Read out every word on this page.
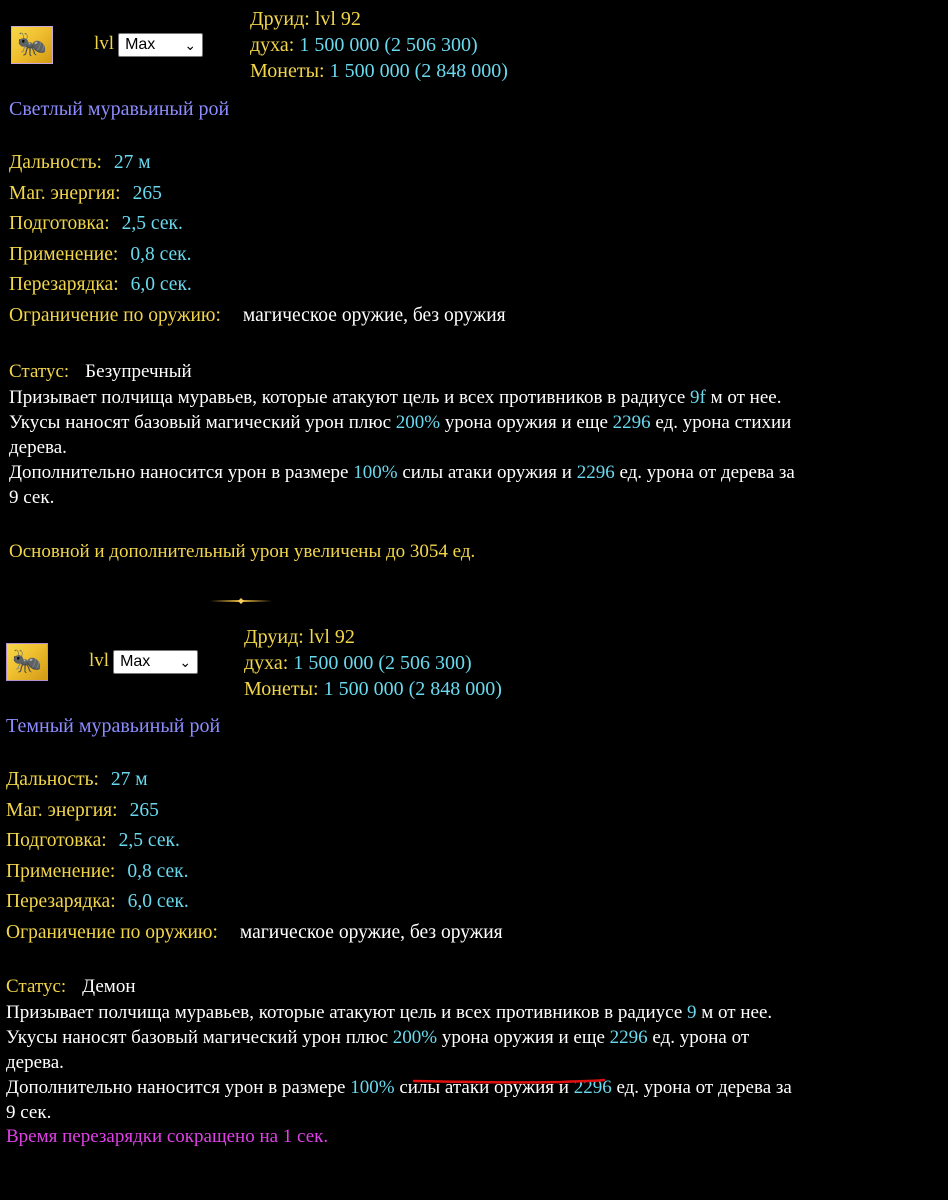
🐜	lvl Max ⌄
Друид: lvl 92
духа: 1 500 000 (2 506 300)
Монеты: 1 500 000 (2 848 000)
Светлый муравьиный рой
Дальность: 27 м
Маг. энергия: 265
Подготовка: 2,5 сек.
Применение: 0,8 сек.
Перезарядка: 6,0 сек.
Ограничение по оружию: магическое оружие, без оружия
Статус: Безупречный
Призывает полчища муравьев, которые атакуют цель и всех противников в радиусе 9f м от нее.
Укусы наносят базовый магический урон плюс 200% урона оружия и еще 2296 ед. урона стихии
дерева.
Дополнительно наносится урон в размере 100% силы атаки оружия и 2296 ед. урона от дерева за
9 сек.
Основной и дополнительный урон увеличены до 3054 ед.
🐜	lvl Max ⌄
Друид: lvl 92
духа: 1 500 000 (2 506 300)
Монеты: 1 500 000 (2 848 000)
Темный муравьиный рой
Дальность: 27 м
Маг. энергия: 265
Подготовка: 2,5 сек.
Применение: 0,8 сек.
Перезарядка: 6,0 сек.
Ограничение по оружию: магическое оружие, без оружия
Статус: Демон
Призывает полчища муравьев, которые атакуют цель и всех противников в радиусе 9 м от нее.
Укусы наносят базовый магический урон плюс 200% урона оружия и еще 2296 ед. урона от
дерева.
Дополнительно наносится урон в размере 100% силы атаки оружия и 2296 ед. урона от дерева за
9 сек.
Время перезарядки сокращено на 1 сек.
